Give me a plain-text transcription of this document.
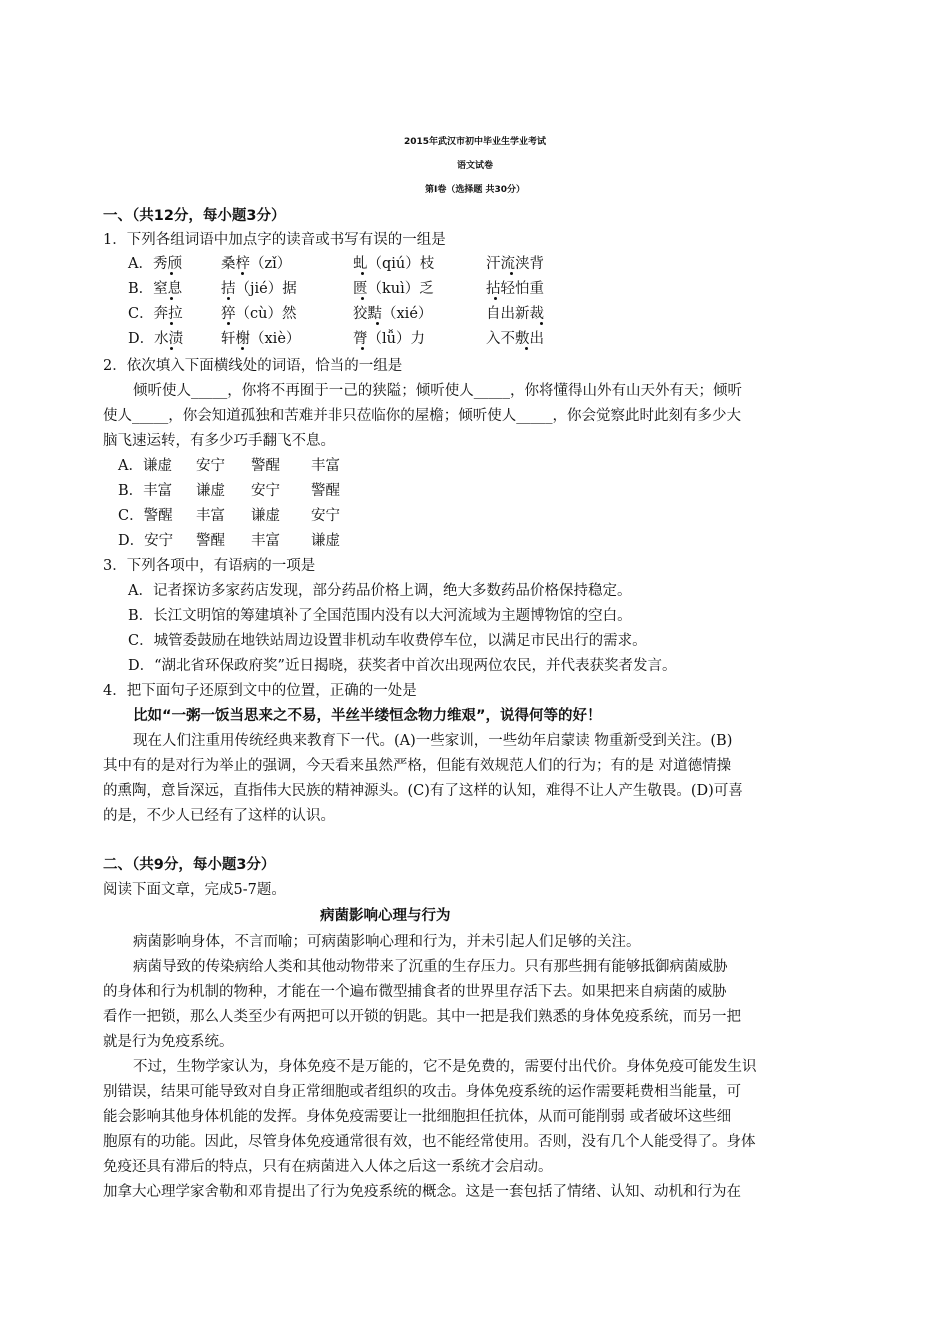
2015年武汉市初中毕业生学业考试
语文试卷
第Ⅰ卷（选择题 共30分）
一、（共12分，每小题3分）
1．下列各组词语中加点字的读音或书写有误的一组是
A．秀颀	桑梓（zǐ）	虬（qiú）枝	汗流浃背
B．窒息	拮（jié）据	匮（kuì）乏	拈轻怕重
C．奔拉	猝（cù）然	狡黠（xié）	自出新裁
D．水渍	轩榭（xiè）	膂（lǚ）力	入不敷出
2．依次填入下面横线处的词语，恰当的一组是
倾听使人_____，你将不再囿于一己的狭隘；倾听使人_____，你将懂得山外有山天外有天；倾听
使人_____，你会知道孤独和苦难并非只莅临你的屋檐；倾听使人_____，你会觉察此时此刻有多少大
脑飞速运转，有多少巧手翻飞不息。
A．谦虚 安宁 警醒 丰富
B．丰富 谦虚 安宁 警醒
C．警醒 丰富 谦虚 安宁
D．安宁 警醒 丰富 谦虚
3．下列各项中，有语病的一项是
A．记者探访多家药店发现，部分药品价格上调，绝大多数药品价格保持稳定。
B．长江文明馆的筹建填补了全国范围内没有以大河流域为主题博物馆的空白。
C．城管委鼓励在地铁站周边设置非机动车收费停车位，以满足市民出行的需求。
D．“湖北省环保政府奖”近日揭晓，获奖者中首次出现两位农民，并代表获奖者发言。
4．把下面句子还原到文中的位置，正确的一处是
比如“一粥一饭当思来之不易，半丝半缕恒念物力维艰”，说得何等的好！
现在人们注重用传统经典来教育下一代。(A)一些家训，一些幼年启蒙读 物重新受到关注。(B)
其中有的是对行为举止的强调，今天看来虽然严格，但能有效规范人们的行为；有的是 对道德情操
的熏陶，意旨深远，直指伟大民族的精神源头。(C)有了这样的认知，难得不让人产生敬畏。(D)可喜
的是，不少人已经有了这样的认识。
二、（共9分，每小题3分）
阅读下面文章，完成5-7题。
病菌影响心理与行为
病菌影响身体，不言而喻；可病菌影响心理和行为，并未引起人们足够的关注。
病菌导致的传染病给人类和其他动物带来了沉重的生存压力。只有那些拥有能够抵御病菌威胁
的身体和行为机制的物种，才能在一个遍布微型捕食者的世界里存活下去。如果把来自病菌的威胁
看作一把锁，那么人类至少有两把可以开锁的钥匙。其中一把是我们熟悉的身体免疫系统，而另一把
就是行为免疫系统。
不过，生物学家认为，身体免疫不是万能的，它不是免费的，需要付出代价。身体免疫可能发生识
别错误，结果可能导致对自身正常细胞或者组织的攻击。身体免疫系统的运作需要耗费相当能量，可
能会影响其他身体机能的发挥。身体免疫需要让一批细胞担任抗体，从而可能削弱 或者破坏这些细
胞原有的功能。因此，尽管身体免疫通常很有效，也不能经常使用。否则，没有几个人能受得了。身体
免疫还具有滞后的特点，只有在病菌进入人体之后这一系统才会启动。
加拿大心理学家舍勒和邓肯提出了行为免疫系统的概念。这是一套包括了情绪、认知、动机和行为在
